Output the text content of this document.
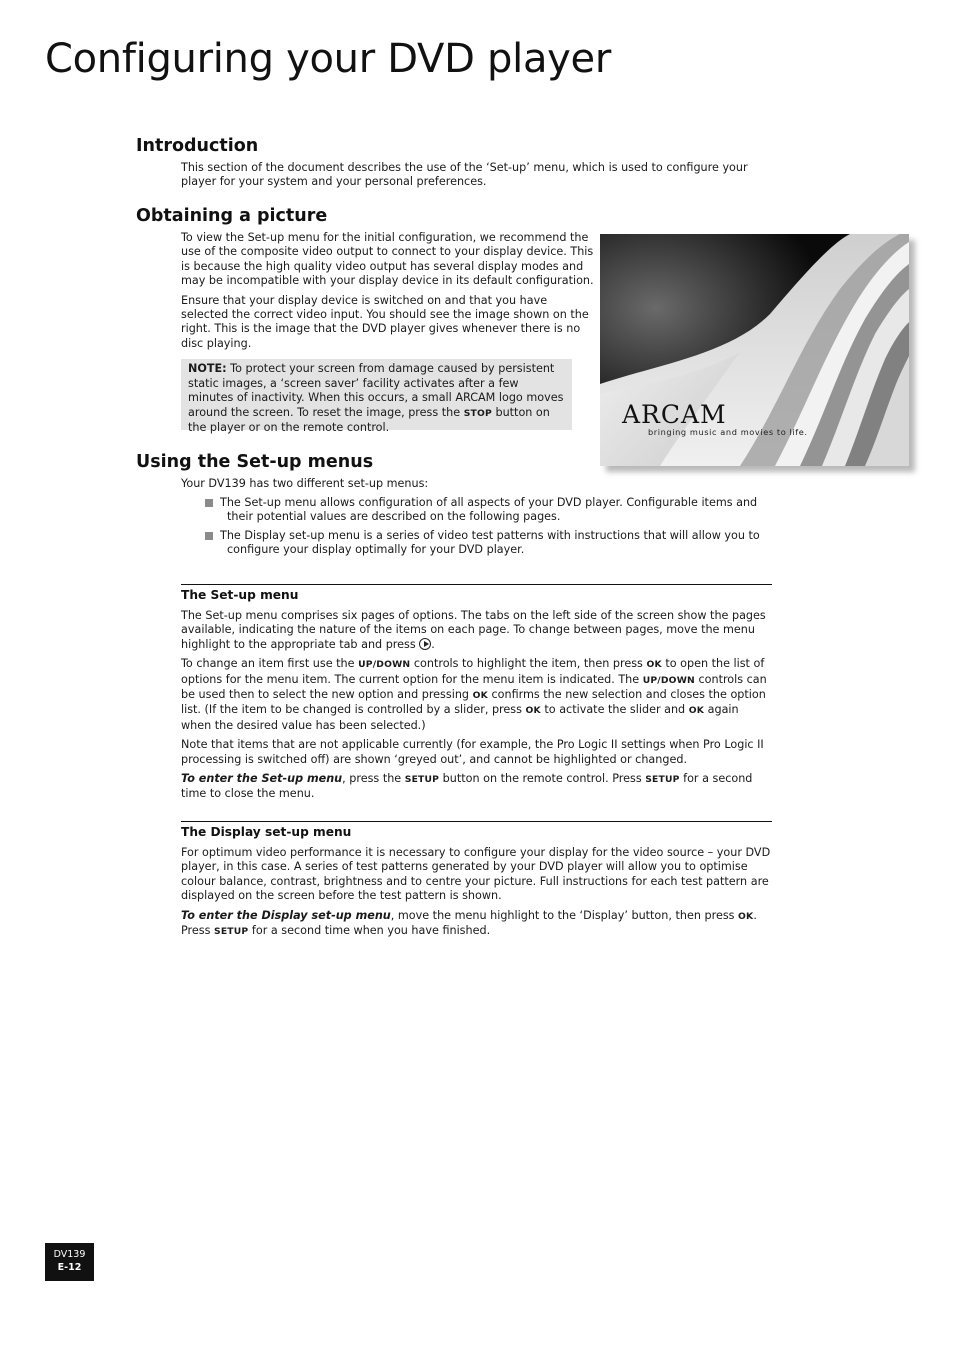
Configuring your DVD player
Introduction

This section of the document describes the use of the ‘Set-up’ menu, which is used to configure your player for your system and your personal preferences.

Obtaining a picture

To view the Set-up menu for the initial configuration, we recommend the use of the composite video output to connect to your display device. This is because the high quality video output has several display modes and may be incompatible with your display device in its default configuration.

Ensure that your display device is switched on and that you have selected the correct video input. You should see the image shown on the right. This is the image that the DVD player gives whenever there is no disc playing.

NOTE: To protect your screen from damage caused by persistent static images, a ‘screen saver’ facility activates after a few minutes of inactivity. When this occurs, a small ARCAM logo moves around the screen. To reset the image, press the STOP button on the player or on the remote control.	ARCAM
bringing music and movies to life.
Using the Set-up menus

Your DV139 has two different set-up menus:

The Set-up menu allows configuration of all aspects of your DVD player. Configurable items and
their potential values are described on the following pages.
The Display set-up menu is a series of video test patterns with instructions that will allow you to
configure your display optimally for your DVD player.
The Set-up menu

The Set-up menu comprises six pages of options. The tabs on the left side of the screen show the pages available, indicating the nature of the items on each page. To change between pages, move the menu highlight to the appropriate tab and press .

To change an item first use the UP/DOWN controls to highlight the item, then press OK to open the list of options for the menu item. The current option for the menu item is indicated. The UP/DOWN controls can be used then to select the new option and pressing OK confirms the new selection and closes the option list. (If the item to be changed is controlled by a slider, press OK to activate the slider and OK again when the desired value has been selected.)

Note that items that are not applicable currently (for example, the Pro Logic II settings when Pro Logic II processing is switched off) are shown ‘greyed out’, and cannot be highlighted or changed.

To enter the Set-up menu, press the SETUP button on the remote control. Press SETUP for a second time to close the menu.

The Display set-up menu

For optimum video performance it is necessary to configure your display for the video source – your DVD player, in this case. A series of test patterns generated by your DVD player will allow you to optimise colour balance, contrast, brightness and to centre your picture. Full instructions for each test pattern are displayed on the screen before the test pattern is shown.

To enter the Display set-up menu, move the menu highlight to the ‘Display’ button, then press OK. Press SETUP for a second time when you have finished.

DV139
E-12
